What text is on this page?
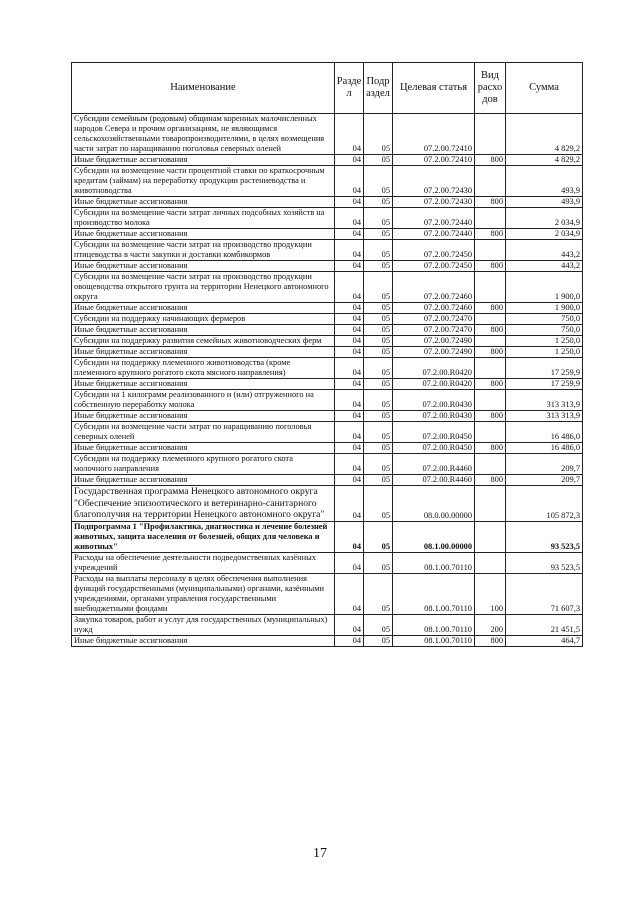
Наименование	Разде л	Подр аздел	Целевая статья	Вид расхо дов	Сумма
Субсидии семейным (родовым) общинам коренных малочисленных народов Севера и прочим организациям, не являющимся сельскохозяйственными товаропроизводителями, в целях возмещения части затрат по наращиванию поголовья северных оленей	04	05	07.2.00.72410		4 829,2
Иные бюджетные ассигнования	04	05	07.2.00.72410	800	4 829,2
Субсидии на возмещение части процентной ставки по краткосрочным кредитам (займам) на переработку продукции растениеводства и животноводства	04	05	07.2.00.72430		493,9
Иные бюджетные ассигнования	04	05	07.2.00.72430	800	493,9
Субсидии на возмещение части затрат личных подсобных хозяйств на производство молока	04	05	07.2.00.72440		2 034,9
Иные бюджетные ассигнования	04	05	07.2.00.72440	800	2 034,9
Субсидии на возмещение части затрат на производство продукции птицеводства в части закупки и доставки комбикормов	04	05	07.2.00.72450		443,2
Иные бюджетные ассигнования	04	05	07.2.00.72450	800	443,2
Субсидии на возмещение части затрат на производство продукции овощеводства открытого грунта на территории Ненецкого автономного округа	04	05	07.2.00.72460		1 900,0
Иные бюджетные ассигнования	04	05	07.2.00.72460	800	1 900,0
Субсидии на поддержку начинающих фермеров	04	05	07.2.00.72470		750,0
Иные бюджетные ассигнования	04	05	07.2.00.72470	800	750,0
Субсидии на поддержку развития семейных животноводческих ферм	04	05	07.2.00.72490		1 250,0
Иные бюджетные ассигнования	04	05	07.2.00.72490	800	1 250,0
Субсидии на поддержку племенного животноводства (кроме племенного крупного рогатого скота мясного направления)	04	05	07.2.00.R0420		17 259,9
Иные бюджетные ассигнования	04	05	07.2.00.R0420	800	17 259,9
Субсидии на 1 килограмм реализованного и (или) отгруженного на собственную переработку молока	04	05	07.2.00.R0430		313 313,9
Иные бюджетные ассигнования	04	05	07.2.00.R0430	800	313 313,9
Субсидии на возмещение части затрат по наращиванию поголовья северных оленей	04	05	07.2.00.R0450		16 486,0
Иные бюджетные ассигнования	04	05	07.2.00.R0450	800	16 486,0
Субсидии на поддержку племенного крупного рогатого скота молочного направления	04	05	07.2.00.R4460		209,7
Иные бюджетные ассигнования	04	05	07.2.00.R4460	800	209,7
Государственная программа Ненецкого автономного округа "Обеспечение эпизоотического и ветеринарно-санитарного благополучия на территории Ненецкого автономного округа"	04	05	08.0.00.00000		105 872,3
Подпрограмма 1 "Профилактика, диагностика и лечение болезней животных, защита населения от болезней, общих для человека и животных"	04	05	08.1.00.00000		93 523,5
Расходы на обеспечение деятельности подведомственных казённых учреждений	04	05	08.1.00.70110		93 523,5
Расходы на выплаты персоналу в целях обеспечения выполнения функций государственными (муниципальными) органами, казёнными учреждениями, органами управления государственными внебюджетными фондами	04	05	08.1.00.70110	100	71 607,3
Закупка товаров, работ и услуг для государственных (муниципальных) нужд	04	05	08.1.00.70110	200	21 451,5
Иные бюджетные ассигнования	04	05	08.1.00.70110	800	464,7
17
